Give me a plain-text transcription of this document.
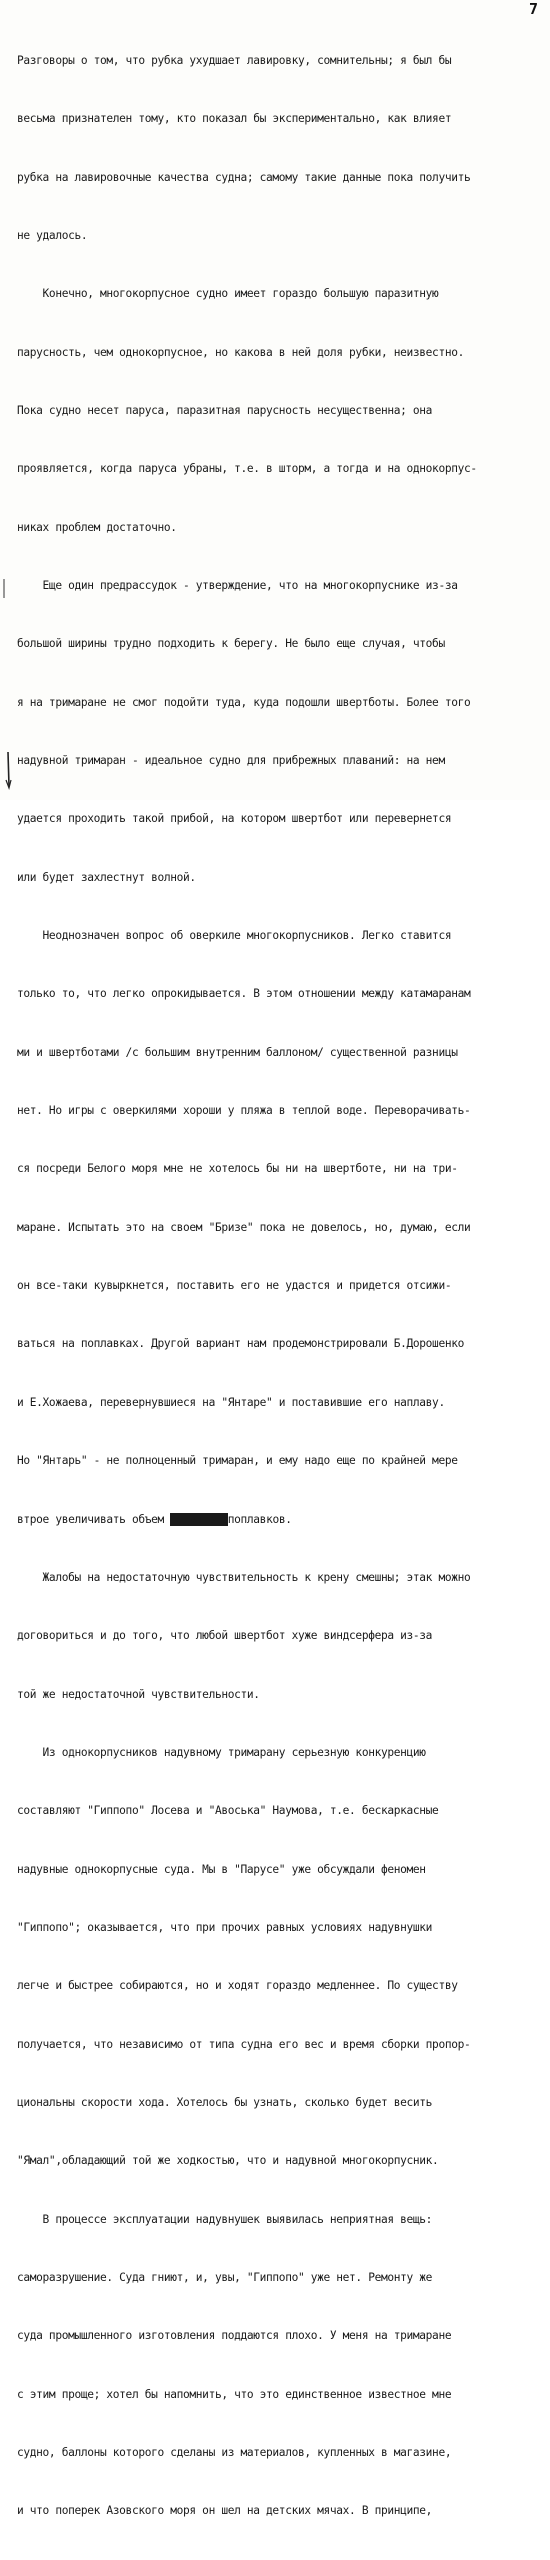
7

Разговоры о том, что рубка ухудшает лавировку, сомнительны; я был бы

весьма признателен тому, кто показал бы экспериментально, как влияет

рубка на лавировочные качества судна; самому такие данные пока получить

не удалось.

Конечно, многокорпусное судно имеет гораздо большую паразитную

парусность, чем однокорпусное, но какова в ней доля рубки, неизвестно.

Пока судно несет паруса, паразитная парусность несущественна; она

проявляется, когда паруса убраны, т.е. в шторм, а тогда и на однокорпус-

никах проблем достаточно.

Еще один предрассудок - утверждение, что на многокорпуснике из-за

большой ширины трудно подходить к берегу. Не было еще случая, чтобы

я на тримаране не смог подойти туда, куда подошли швертботы. Более того

надувной тримаран - идеальное судно для прибрежных плаваний: на нем

удается проходить такой прибой, на котором швертбот или перевернется

или будет захлестнут волной.

Неоднозначен вопрос об оверкиле многокорпусников. Легко ставится

только то, что легко опрокидывается. В этом отношении между катамаранам

ми и швертботами /с большим внутренним баллоном/ существенной разницы

нет. Но игры с оверкилями хороши у пляжа в теплой воде. Переворачивать-

ся посреди Белого моря мне не хотелось бы ни на швертботе, ни на три-

маране. Испытать это на своем "Бризе" пока не довелось, но, думаю, если

он все-таки кувыркнется, поставить его не удастся и придется отсижи-

ваться на поплавках. Другой вариант нам продемонстрировали Б.Дорошенко

и Е.Хожаева, перевернувшиеся на "Янтаре" и поставившие его наплаву.

Но "Янтарь" - не полноценный тримаран, и ему надо еще по крайней мере

втрое увеличивать объем надувногопоплавков.

Жалобы на недостаточную чувствительность к крену смешны; этак можно

договориться и до того, что любой швертбот хуже виндсерфера из-за

той же недостаточной чувствительности.

Из однокорпусников надувному тримарану серьезную конкуренцию

составляют "Гиппопо" Лосева и "Авоська" Наумова, т.е. бескаркасные

надувные однокорпусные суда. Мы в "Парусе" уже обсуждали феномен

"Гиппопо"; оказывается, что при прочих равных условиях надувнушки

легче и быстрее собираются, но и ходят гораздо медленнее. По существу

получается, что независимо от типа судна его вес и время сборки пропор-

циональны скорости хода. Хотелось бы узнать, сколько будет весить

"Ямал",обладающий той же ходкостью, что и надувной многокорпусник.

В процессе эксплуатации надувнушек выявилась неприятная вещь:

саморазрушение. Суда гниют, и, увы, "Гиппопо" уже нет. Ремонту же

суда промышленного изготовления поддаются плохо. У меня на тримаране

с этим проще; хотел бы напомнить, что это единственное известное мне

судно, баллоны которого сделаны из материалов, купленных в магазине,

и что поперек Азовского моря он шел на детских мячах. В принципе,
